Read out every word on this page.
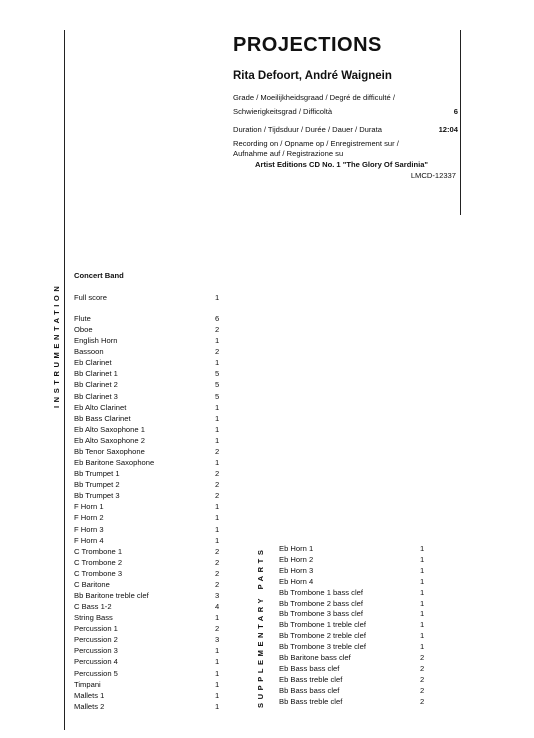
PROJECTIONS
Rita Defoort, André Waignein
Grade / Moeilijkheidsgraad / Degré de difficulté /
Schwierigkeitsgrad / Difficoltà	6
Duration / Tijdsduur / Durée / Dauer / Durata	12:04
Recording on / Opname op / Enregistrement sur /
Aufnahme auf / Registrazione su
Artist Editions CD No. 1 "The Glory Of Sardinia"
LMCD-12337
INSTRUMENTATION
SUPPLEMENTARY PARTS
Concert Band
Full score	1
Flute	6
Oboe	2
English Horn	1
Bassoon	2
Eb Clarinet	1
Bb Clarinet 1	5
Bb Clarinet 2	5
Bb Clarinet 3	5
Eb Alto Clarinet	1
Bb Bass Clarinet	1
Eb Alto Saxophone 1	1
Eb Alto Saxophone 2	1
Bb Tenor Saxophone	2
Eb Baritone Saxophone	1
Bb Trumpet 1	2
Bb Trumpet 2	2
Bb Trumpet 3	2
F Horn 1	1
F Horn 2	1
F Horn 3	1
F Horn 4	1
C Trombone 1	2
C Trombone 2	2
C Trombone 3	2
C Baritone	2
Bb Baritone treble clef	3
C Bass 1-2	4
String Bass	1
Percussion 1	2
Percussion 2	3
Percussion 3	1
Percussion 4	1
Percussion 5	1
Timpani	1
Mallets 1	1
Mallets 2	1
Eb Horn 1	1
Eb Horn 2	1
Eb Horn 3	1
Eb Horn 4	1
Bb Trombone 1 bass clef	1
Bb Trombone 2 bass clef	1
Bb Trombone 3 bass clef	1
Bb Trombone 1 treble clef	1
Bb Trombone 2 treble clef	1
Bb Trombone 3 treble clef	1
Bb Baritone bass clef	2
Eb Bass bass clef	2
Eb Bass treble clef	2
Bb Bass bass clef	2
Bb Bass treble clef	2
